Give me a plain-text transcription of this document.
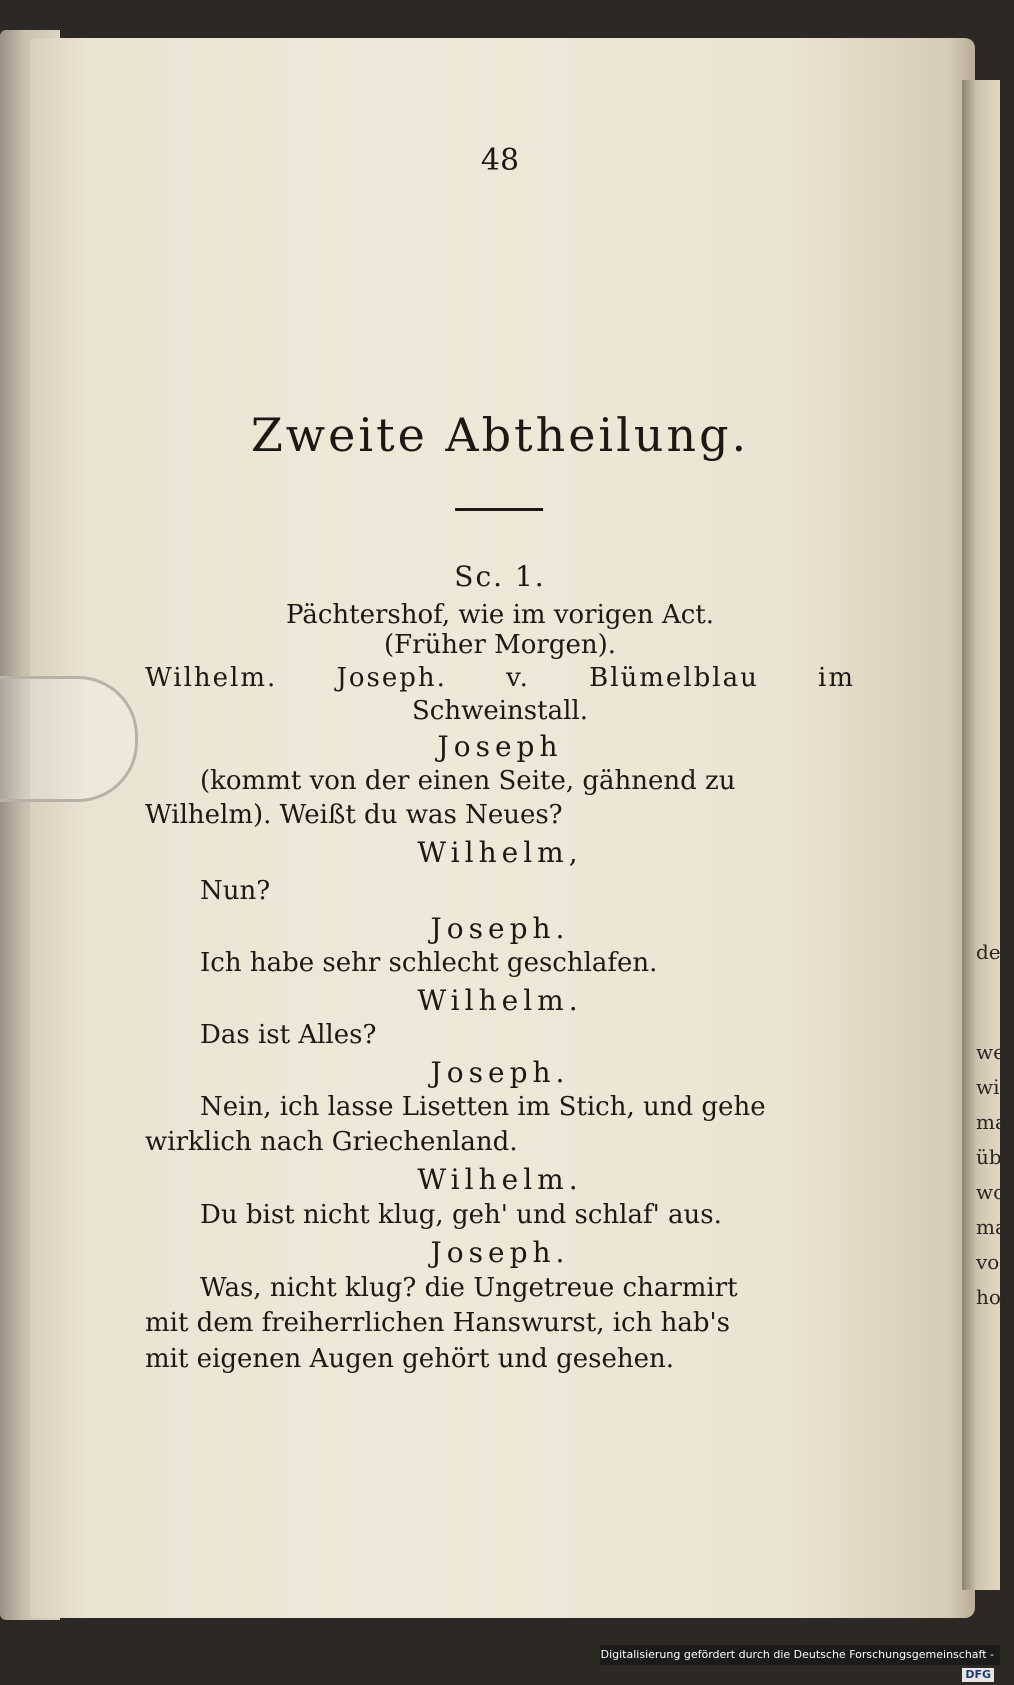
de
we
wi
ma
übe
wo
ma
vor
hoc
48
Zweite Abtheilung.
Sc. 1.
Pächtershof, wie im vorigen Act.
(Früher Morgen).
Wilhelm. Joseph. v. Blümelblau im
Schweinstall.
Joseph
(kommt von der einen Seite, gähnend zu
Wilhelm). Weißt du was Neues?
Wilhelm,
Nun?
Joseph.
Ich habe sehr schlecht geschlafen.
Wilhelm.
Das ist Alles?
Joseph.
Nein, ich lasse Lisetten im Stich, und gehe
wirklich nach Griechenland.
Wilhelm.
Du bist nicht klug, geh' und schlaf' aus.
Joseph.
Was, nicht klug? die Ungetreue charmirt
mit dem freiherrlichen Hanswurst, ich hab's
mit eigenen Augen gehört und gesehen.
Digitalisierung gefördert durch die Deutsche Forschungsgemeinschaft -DFG
